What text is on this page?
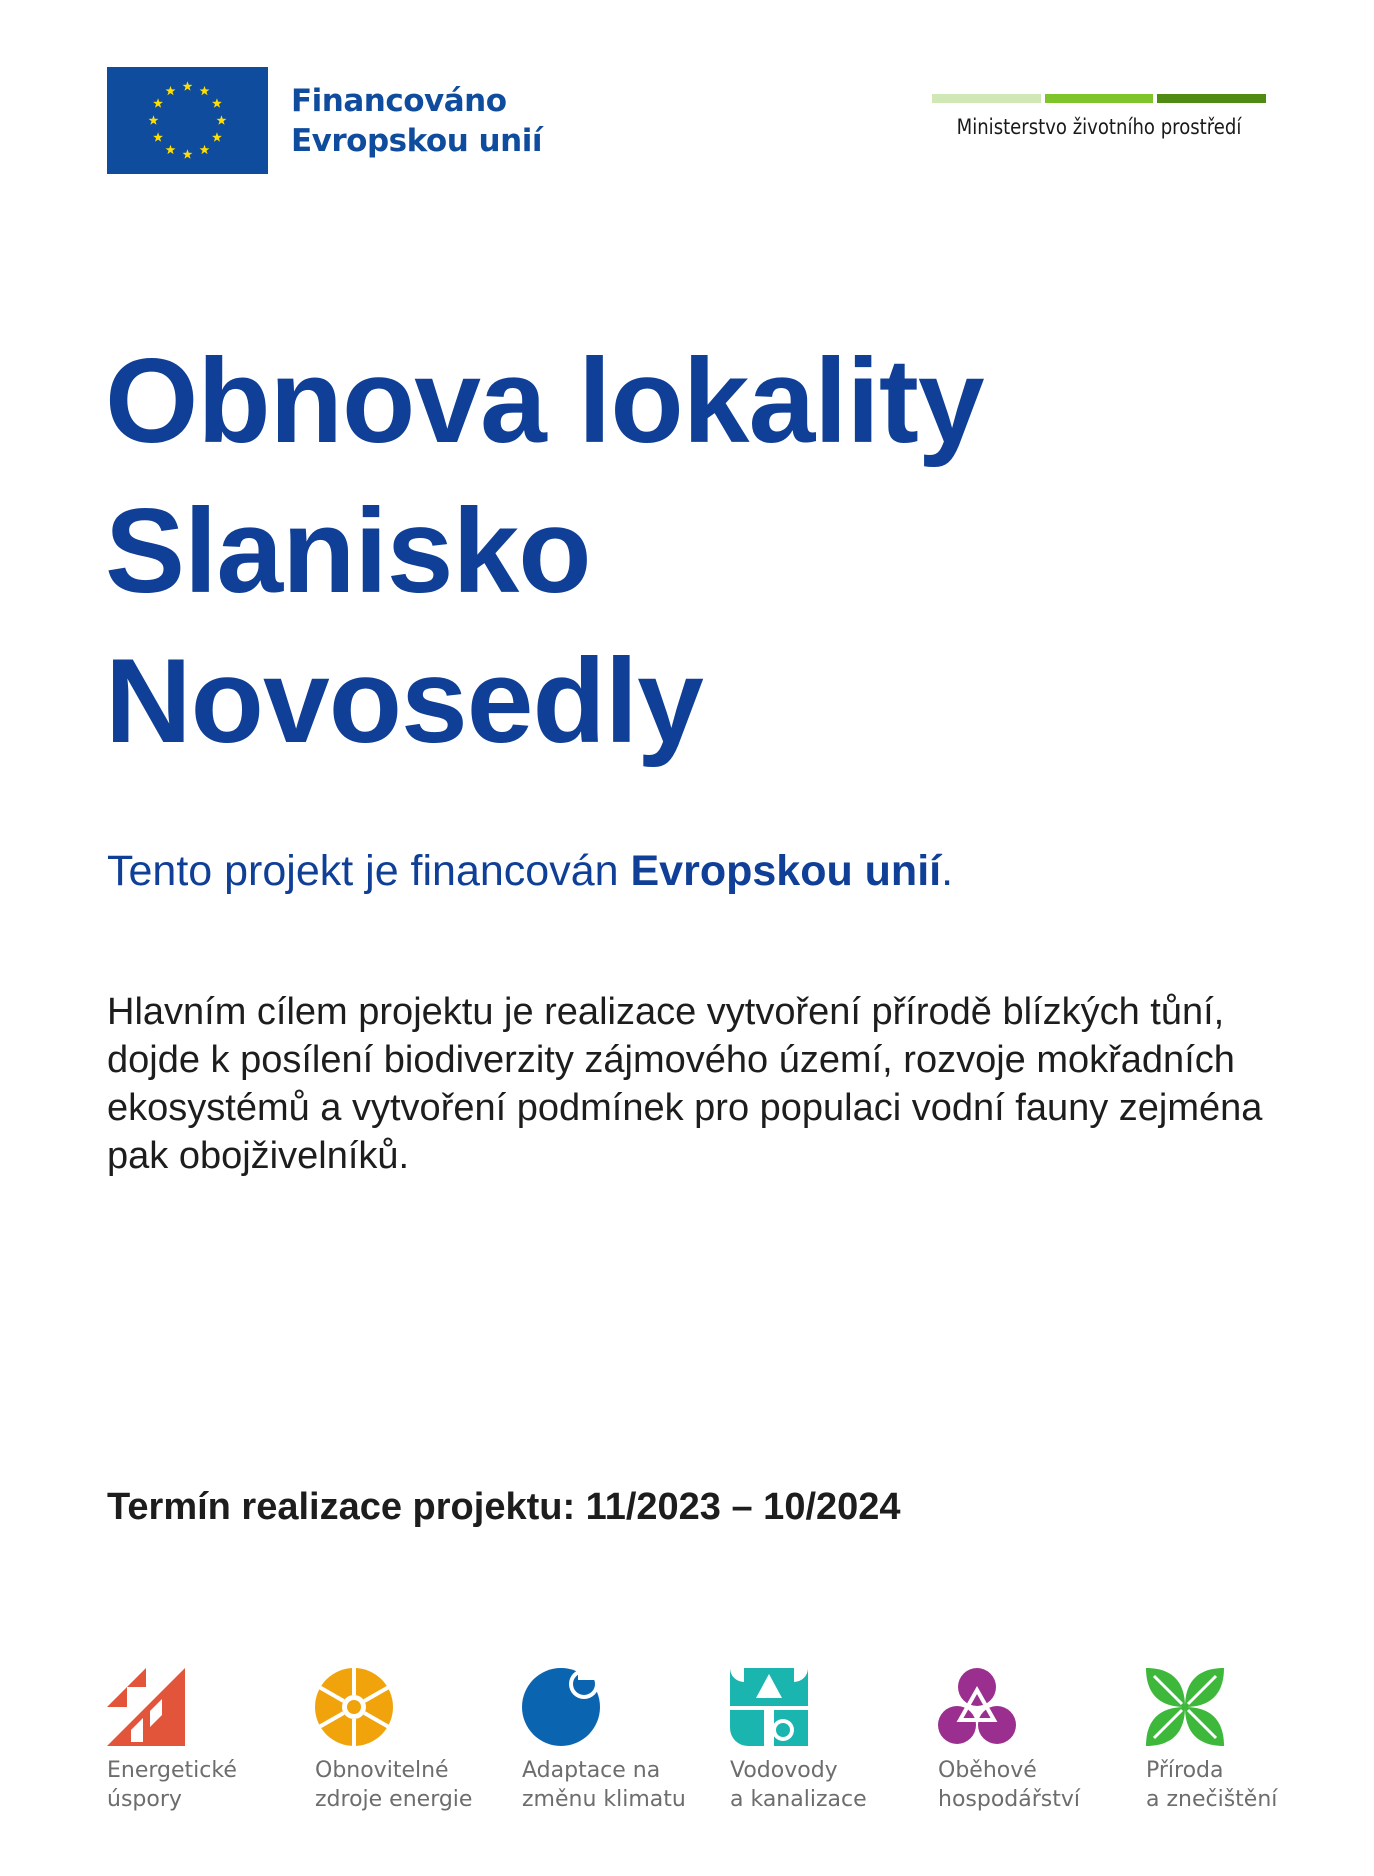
Financováno
Evropskou unií	Ministerstvo životního prostředí
Obnova lokality
Slanisko
Novosedly

Tento projekt je financován Evropskou unií.

Hlavním cílem projektu je realizace vytvoření přírodě blízkých tůní, dojde k posílení biodiverzity zájmového území, rozvoje mokřadních ekosystémů a vytvoření podmínek pro populaci vodní fauny zejména pak obojživelníků.

Termín realizace projektu: 11/2023 – 10/2024

Energetické
úspory
Obnovitelné
zdroje energie
Adaptace na
změnu klimatu
Vodovody
a kanalizace
Oběhové
hospodářství
Příroda
a znečištění
